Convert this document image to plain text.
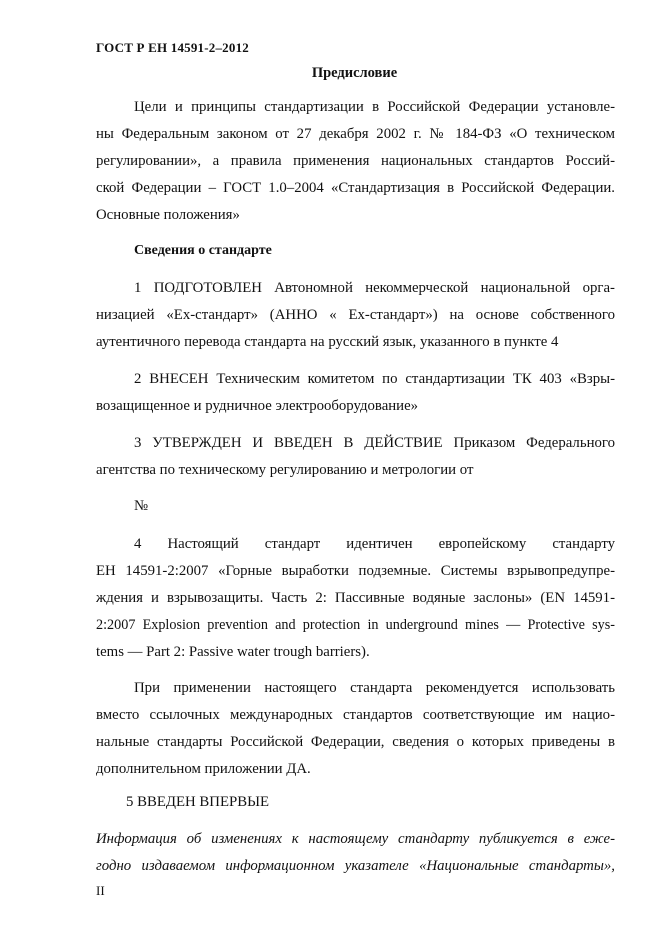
ГОСТ Р ЕН 14591-2–2012
Предисловие
Цели и принципы стандартизации в Российской Федерации установле-
ны Федеральным законом от 27 декабря 2002 г. № 184-ФЗ «О техническом
регулировании», а правила применения национальных стандартов Россий-
ской Федерации – ГОСТ 1.0–2004 «Стандартизация в Российской Федерации.
Основные положения»
Сведения о стандарте
1 ПОДГОТОВЛЕН Автономной некоммерческой национальной орга-
низацией «Ех-стандарт» (АННО « Ех-стандарт») на основе собственного
аутентичного перевода стандарта на русский язык, указанного в пункте 4
2 ВНЕСЕН Техническим комитетом по стандартизации ТК 403 «Взры-
возащищенное и рудничное электрооборудование»
3 УТВЕРЖДЕН И ВВЕДЕН В ДЕЙСТВИЕ Приказом Федерального
агентства по техническому регулированию и метрологии от
№
4 Настоящий стандарт идентичен европейскому стандарту
ЕН 14591-2:2007 «Горные выработки подземные. Системы взрывопредупре-
ждения и взрывозащиты. Часть 2: Пассивные водяные заслоны» (EN 14591-
2:2007 Explosion prevention and protection in underground mines — Protective sys-
tems — Part 2: Passive water trough barriers).
При применении настоящего стандарта рекомендуется использовать
вместо ссылочных международных стандартов соответствующие им нацио-
нальные стандарты Российской Федерации, сведения о которых приведены в
дополнительном приложении ДА.
5 ВВЕДЕН ВПЕРВЫЕ
Информация об изменениях к настоящему стандарту публикуется в еже-
годно издаваемом информационном указателе «Национальные стандарты»,
II
